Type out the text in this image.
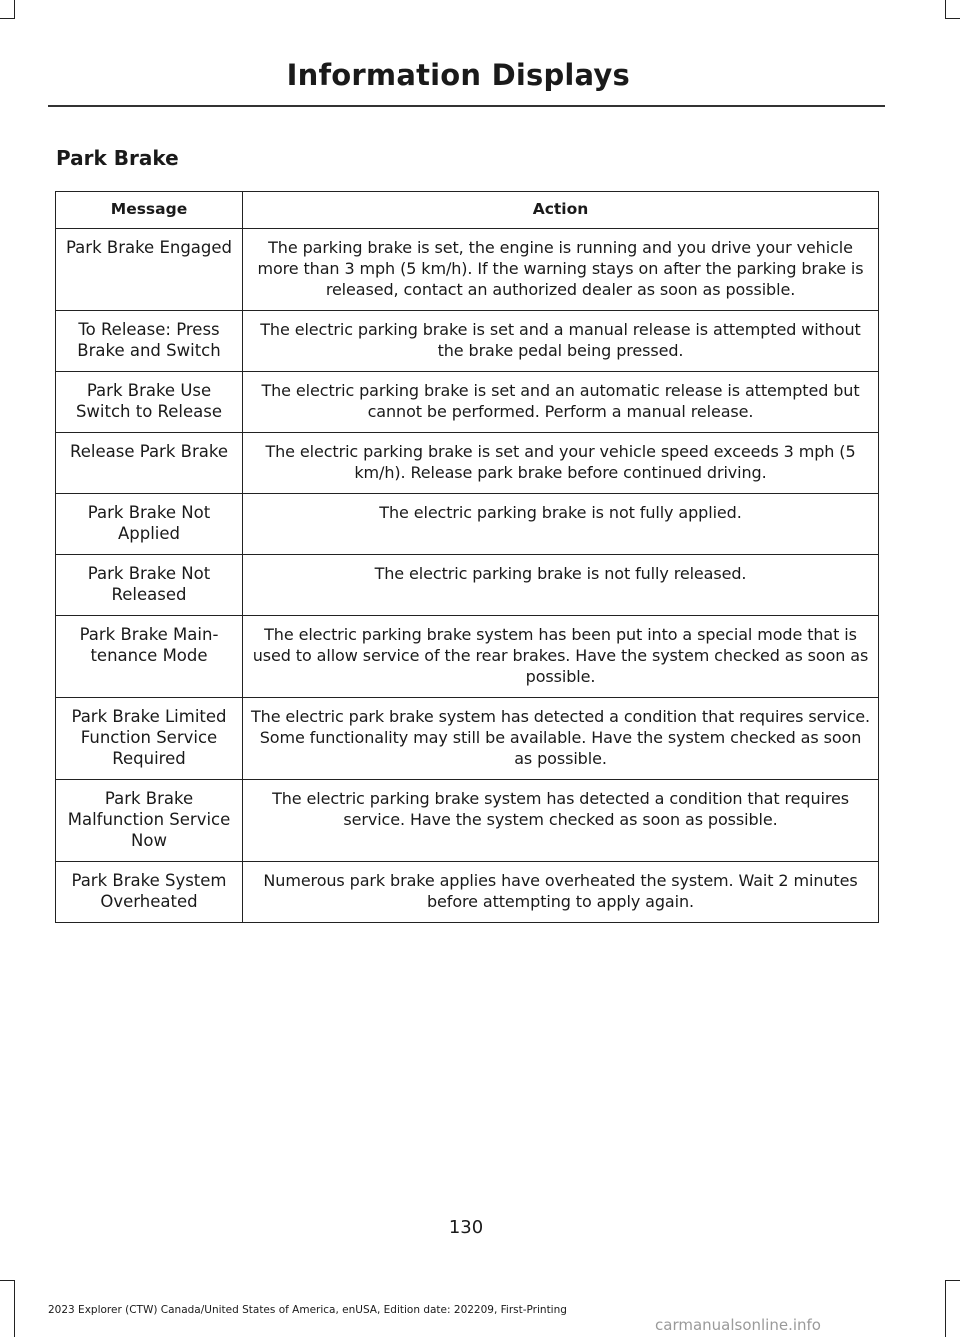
Information Displays
Park Brake
Message	Action
Park Brake Engaged	The parking brake is set, the engine is running and you drive your vehicle more than 3 mph (5 km/h). If the warning stays on after the parking brake is released, contact an authorized dealer as soon as possible.
To Release: Press Brake and Switch	The electric parking brake is set and a manual release is attempted without the brake pedal being pressed.
Park Brake Use Switch to Release	The electric parking brake is set and an automatic release is attempted but cannot be performed. Perform a manual release.
Release Park Brake	The electric parking brake is set and your vehicle speed exceeds 3 mph (5 km/h). Release park brake before continued driving.
Park Brake Not Applied	The electric parking brake is not fully applied.
Park Brake Not Released	The electric parking brake is not fully released.
Park Brake Main-tenance Mode	The electric parking brake system has been put into a special mode that is used to allow service of the rear brakes. Have the system checked as soon as possible.
Park Brake Limited Function Service Required	The electric park brake system has detected a condition that requires service. Some functionality may still be available. Have the system checked as soon as possible.
Park Brake Malfunction Service Now	The electric parking brake system has detected a condition that requires service. Have the system checked as soon as possible.
Park Brake System Overheated	Numerous park brake applies have overheated the system. Wait 2 minutes before attempting to apply again.
130
2023 Explorer (CTW) Canada/United States of America, enUSA, Edition date: 202209, First-Printing
carmanualsonline.info
